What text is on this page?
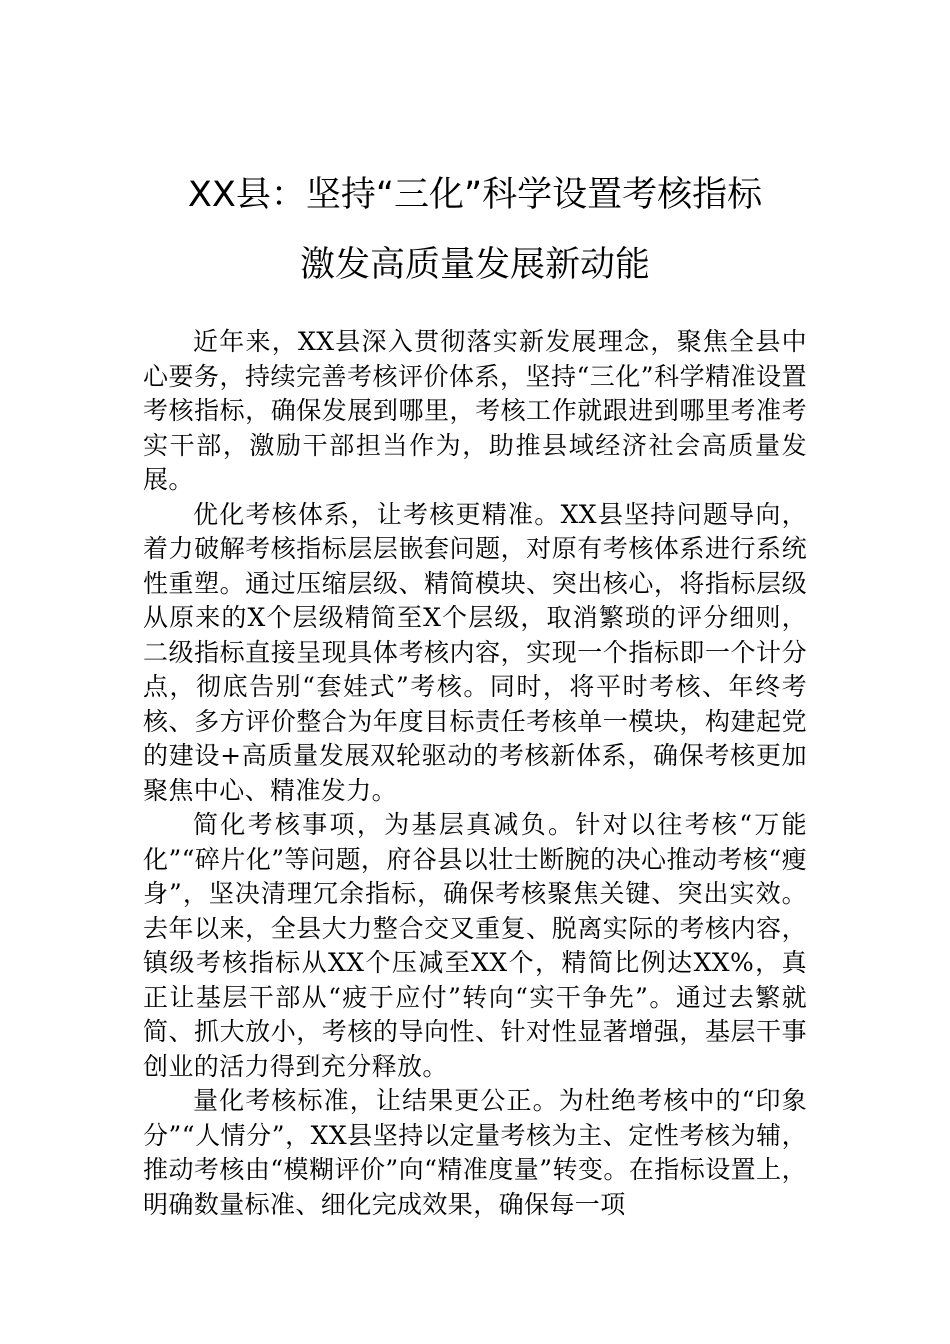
XX县：坚持“三化”科学设置考核指标
激发高质量发展新动能

近年来，XX县深入贯彻落实新发展理念，聚焦全县中心要务，持续完善考核评价体系，坚持“三化”科学精准设置考核指标，确保发展到哪里，考核工作就跟进到哪里考准考实干部，激励干部担当作为，助推县域经济社会高质量发展。

优化考核体系，让考核更精准。XX县坚持问题导向，着力破解考核指标层层嵌套问题，对原有考核体系进行系统性重塑。通过压缩层级、精简模块、突出核心，将指标层级从原来的X个层级精简至X个层级，取消繁琐的评分细则，二级指标直接呈现具体考核内容，实现一个指标即一个计分点，彻底告别“套娃式”考核。同时，将平时考核、年终考核、多方评价整合为年度目标责任考核单一模块，构建起党的建设+高质量发展双轮驱动的考核新体系，确保考核更加聚焦中心、精准发力。

简化考核事项，为基层真减负。针对以往考核“万能化”“碎片化”等问题，府谷县以壮士断腕的决心推动考核“瘦身”，坚决清理冗余指标，确保考核聚焦关键、突出实效。去年以来，全县大力整合交叉重复、脱离实际的考核内容，镇级考核指标从XX个压减至XX个，精简比例达XX%，真正让基层干部从“疲于应付”转向“实干争先”。通过去繁就简、抓大放小，考核的导向性、针对性显著增强，基层干事创业的活力得到充分释放。

量化考核标准，让结果更公正。为杜绝考核中的“印象分”“人情分”，XX县坚持以定量考核为主、定性考核为辅，推动考核由“模糊评价”向“精准度量”转变。在指标设置上，明确数量标准、细化完成效果，确保每一项
